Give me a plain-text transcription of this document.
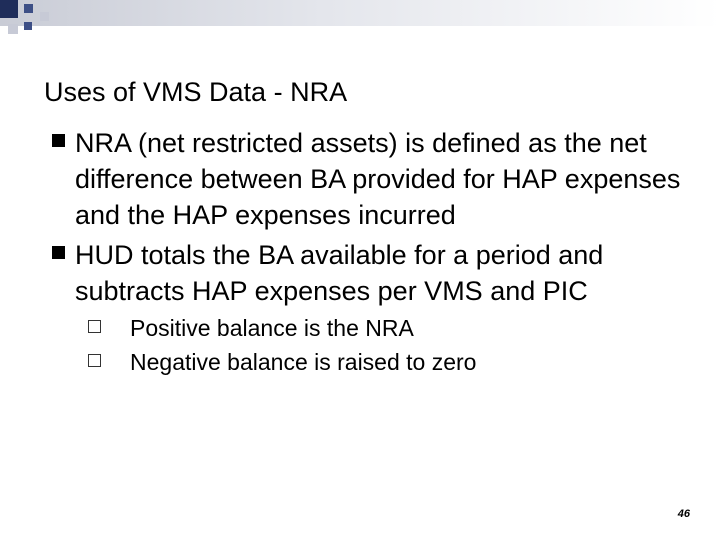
Uses of VMS Data - NRA
NRA (net restricted assets) is defined as the net difference between BA provided for HAP expenses and the HAP expenses incurred
HUD totals the BA available for a period and subtracts HAP expenses per VMS and PIC
Positive balance is the NRA
Negative balance is raised to zero
46
